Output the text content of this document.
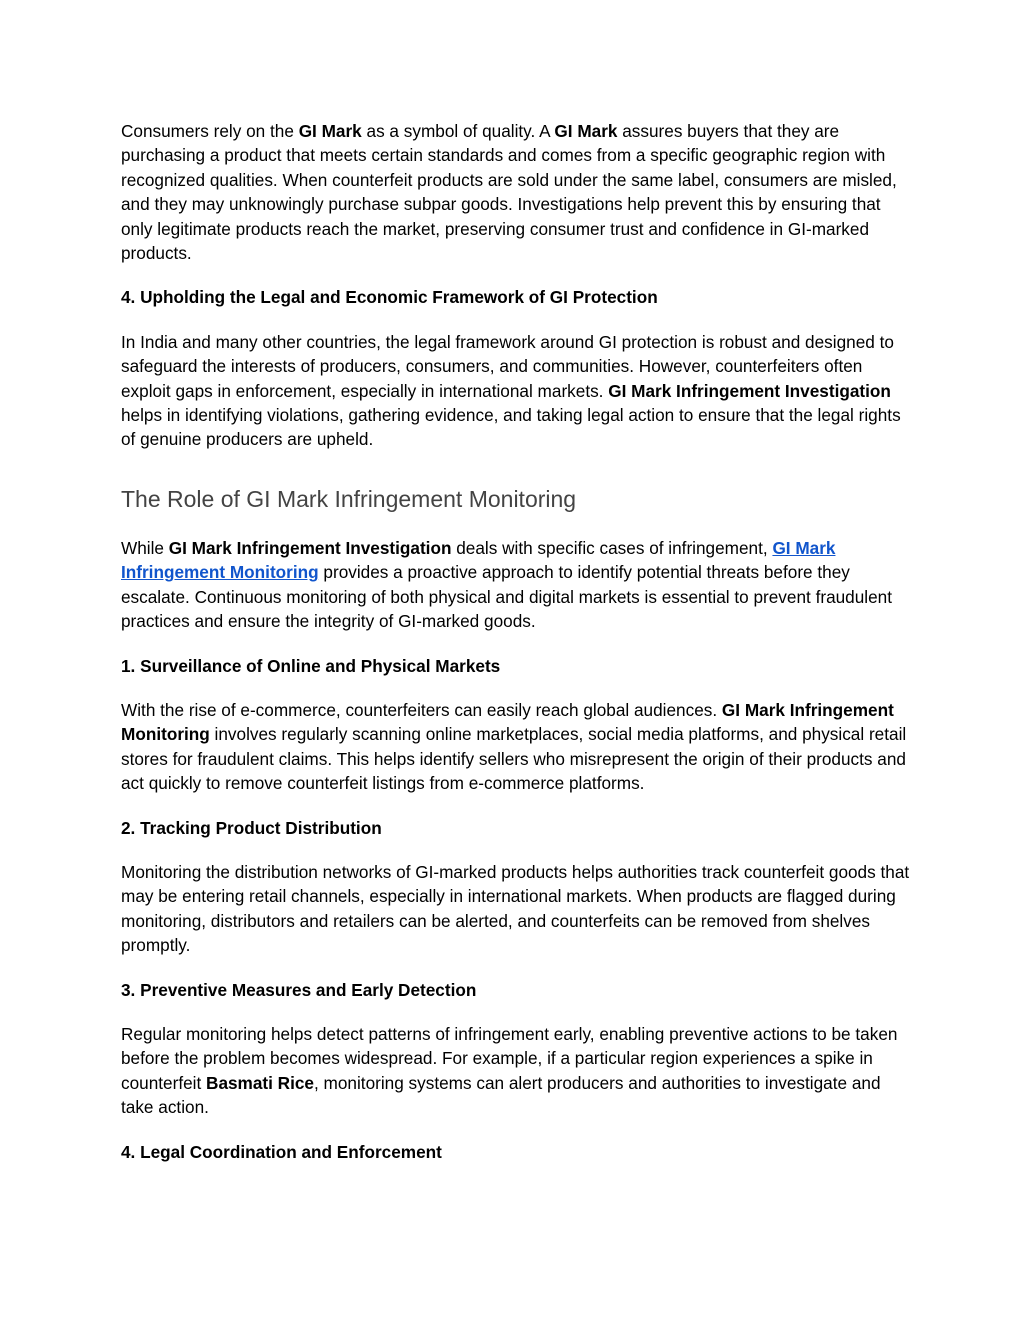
Consumers rely on the GI Mark as a symbol of quality. A GI Mark assures buyers that they are purchasing a product that meets certain standards and comes from a specific geographic region with recognized qualities. When counterfeit products are sold under the same label, consumers are misled, and they may unknowingly purchase subpar goods. Investigations help prevent this by ensuring that only legitimate products reach the market, preserving consumer trust and confidence in GI-marked products.

4. Upholding the Legal and Economic Framework of GI Protection

In India and many other countries, the legal framework around GI protection is robust and designed to safeguard the interests of producers, consumers, and communities. However, counterfeiters often exploit gaps in enforcement, especially in international markets. GI Mark Infringement Investigation helps in identifying violations, gathering evidence, and taking legal action to ensure that the legal rights of genuine producers are upheld.

The Role of GI Mark Infringement Monitoring

While GI Mark Infringement Investigation deals with specific cases of infringement, GI Mark Infringement Monitoring provides a proactive approach to identify potential threats before they escalate. Continuous monitoring of both physical and digital markets is essential to prevent fraudulent practices and ensure the integrity of GI-marked goods.

1. Surveillance of Online and Physical Markets

With the rise of e-commerce, counterfeiters can easily reach global audiences. GI Mark Infringement Monitoring involves regularly scanning online marketplaces, social media platforms, and physical retail stores for fraudulent claims. This helps identify sellers who misrepresent the origin of their products and act quickly to remove counterfeit listings from e-commerce platforms.

2. Tracking Product Distribution

Monitoring the distribution networks of GI-marked products helps authorities track counterfeit goods that may be entering retail channels, especially in international markets. When products are flagged during monitoring, distributors and retailers can be alerted, and counterfeits can be removed from shelves promptly.

3. Preventive Measures and Early Detection

Regular monitoring helps detect patterns of infringement early, enabling preventive actions to be taken before the problem becomes widespread. For example, if a particular region experiences a spike in counterfeit Basmati Rice, monitoring systems can alert producers and authorities to investigate and take action.

4. Legal Coordination and Enforcement
